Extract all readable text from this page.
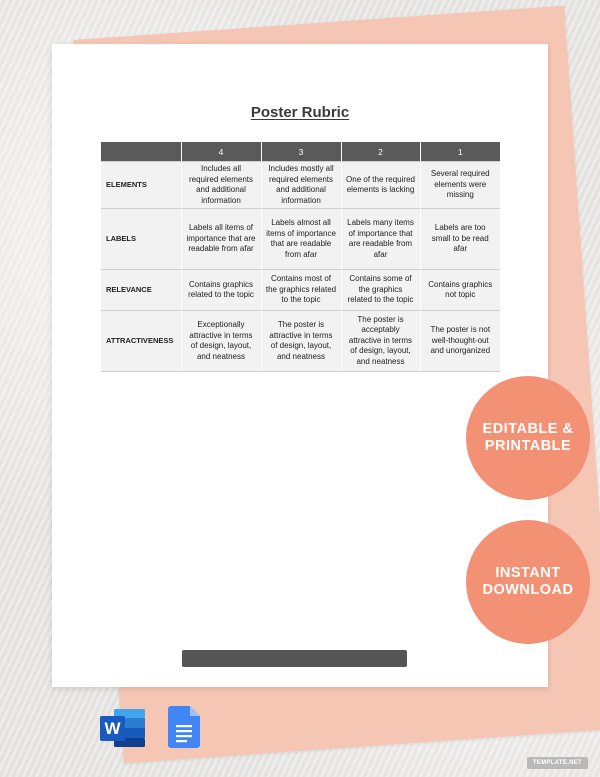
Poster Rubric
	4	3	2	1
ELEMENTS	Includes all required elements and additional information	Includes mostly all required elements and additional information	One of the required elements is lacking	Several required elements were missing
LABELS	Labels all items of importance that are readable from afar	Labels almost all items of importance that are readable from afar	Labels many items of importance that are readable from afar	Labels are too small to be read afar
RELEVANCE	Contains graphics related to the topic	Contains most of the graphics related to the topic	Contains some of the graphics related to the topic	Contains graphics not topic
ATTRACTIVENESS	Exceptionally attractive in terms of design, layout, and neatness	The poster is attractive in terms of design, layout, and neatness	The poster is acceptably attractive in terms of design, layout, and neatness	The poster is not well-thought-out and unorganized
EDITABLE &
PRINTABLE
INSTANT
DOWNLOAD
W
TEMPLATE.NET
